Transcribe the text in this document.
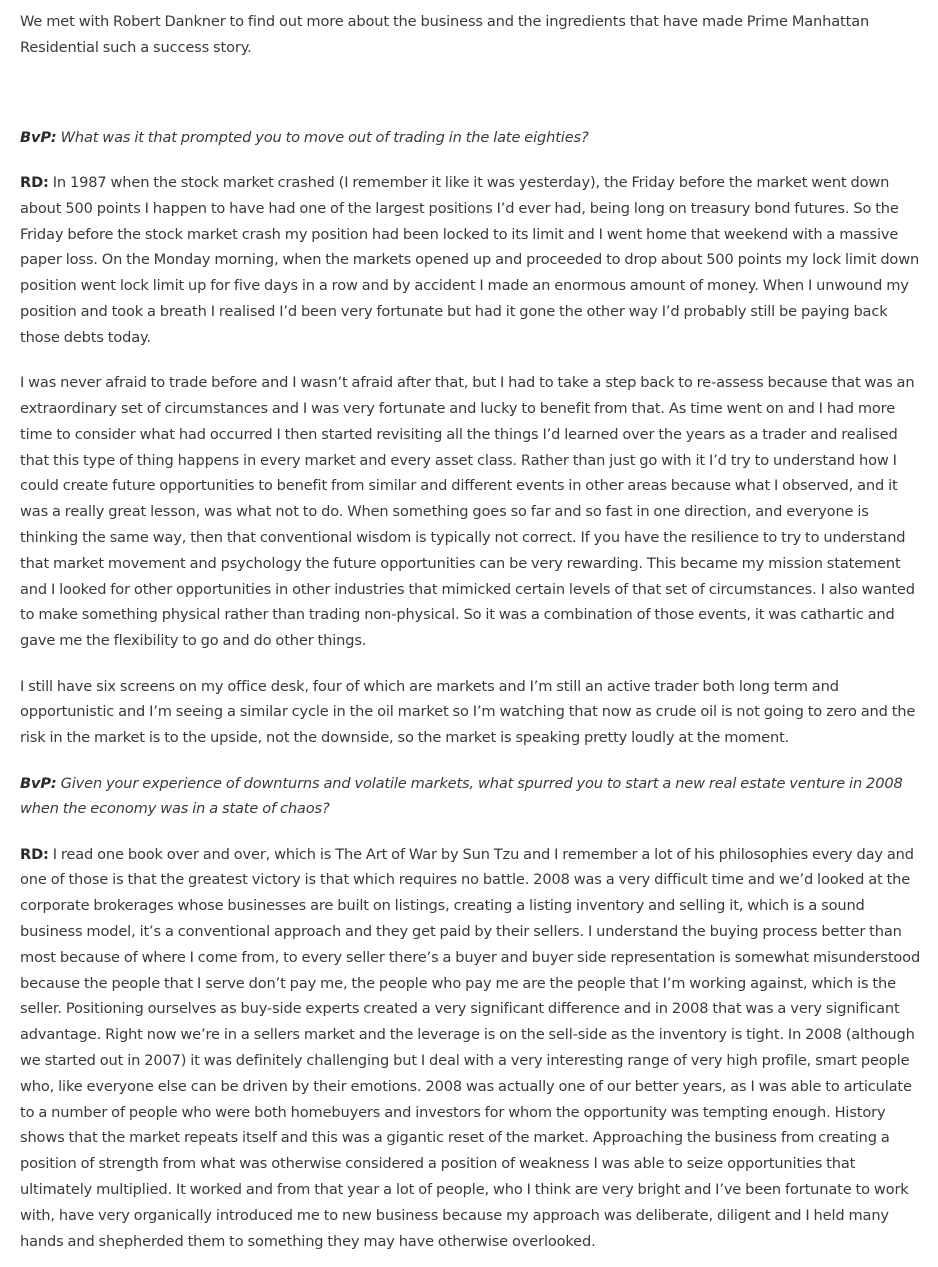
We met with Robert Dankner to find out more about the business and the ingredients that have made Prime Manhattan Residential such a success story.

BvP: What was it that prompted you to move out of trading in the late eighties?

RD: In 1987 when the stock market crashed (I remember it like it was yesterday), the Friday before the market went down about 500 points I happen to have had one of the largest positions I’d ever had, being long on treasury bond futures. So the Friday before the stock market crash my position had been locked to its limit and I went home that weekend with a massive paper loss. On the Monday morning, when the markets opened up and proceeded to drop about 500 points my lock limit down position went lock limit up for five days in a row and by accident I made an enormous amount of money. When I unwound my position and took a breath I realised I’d been very fortunate but had it gone the other way I’d probably still be paying back those debts today.

I was never afraid to trade before and I wasn’t afraid after that, but I had to take a step back to re-assess because that was an extraordinary set of circumstances and I was very fortunate and lucky to benefit from that. As time went on and I had more time to consider what had occurred I then started revisiting all the things I’d learned over the years as a trader and realised that this type of thing happens in every market and every asset class. Rather than just go with it I’d try to understand how I could create future opportunities to benefit from similar and different events in other areas because what I observed, and it was a really great lesson, was what not to do. When something goes so far and so fast in one direction, and everyone is thinking the same way, then that conventional wisdom is typically not correct. If you have the resilience to try to understand that market movement and psychology the future opportunities can be very rewarding. This became my mission statement and I looked for other opportunities in other industries that mimicked certain levels of that set of circumstances. I also wanted to make something physical rather than trading non-physical. So it was a combination of those events, it was cathartic and gave me the flexibility to go and do other things.

I still have six screens on my office desk, four of which are markets and I’m still an active trader both long term and opportunistic and I’m seeing a similar cycle in the oil market so I’m watching that now as crude oil is not going to zero and the risk in the market is to the upside, not the downside, so the market is speaking pretty loudly at the moment.

BvP: Given your experience of downturns and volatile markets, what spurred you to start a new real estate venture in 2008 when the economy was in a state of chaos?

RD: I read one book over and over, which is The Art of War by Sun Tzu and I remember a lot of his philosophies every day and one of those is that the greatest victory is that which requires no battle. 2008 was a very difficult time and we’d looked at the corporate brokerages whose businesses are built on listings, creating a listing inventory and selling it, which is a sound business model, it’s a conventional approach and they get paid by their sellers. I understand the buying process better than most because of where I come from, to every seller there’s a buyer and buyer side representation is somewhat misunderstood because the people that I serve don’t pay me, the people who pay me are the people that I’m working against, which is the seller. Positioning ourselves as buy-side experts created a very significant difference and in 2008 that was a very significant advantage. Right now we’re in a sellers market and the leverage is on the sell-side as the inventory is tight. In 2008 (although we started out in 2007) it was definitely challenging but I deal with a very interesting range of very high profile, smart people who, like everyone else can be driven by their emotions. 2008 was actually one of our better years, as I was able to articulate to a number of people who were both homebuyers and investors for whom the opportunity was tempting enough. History shows that the market repeats itself and this was a gigantic reset of the market. Approaching the business from creating a position of strength from what was otherwise considered a position of weakness I was able to seize opportunities that ultimately multiplied. It worked and from that year a lot of people, who I think are very bright and I’ve been fortunate to work with, have very organically introduced me to new business because my approach was deliberate, diligent and I held many hands and shepherded them to something they may have otherwise overlooked.
